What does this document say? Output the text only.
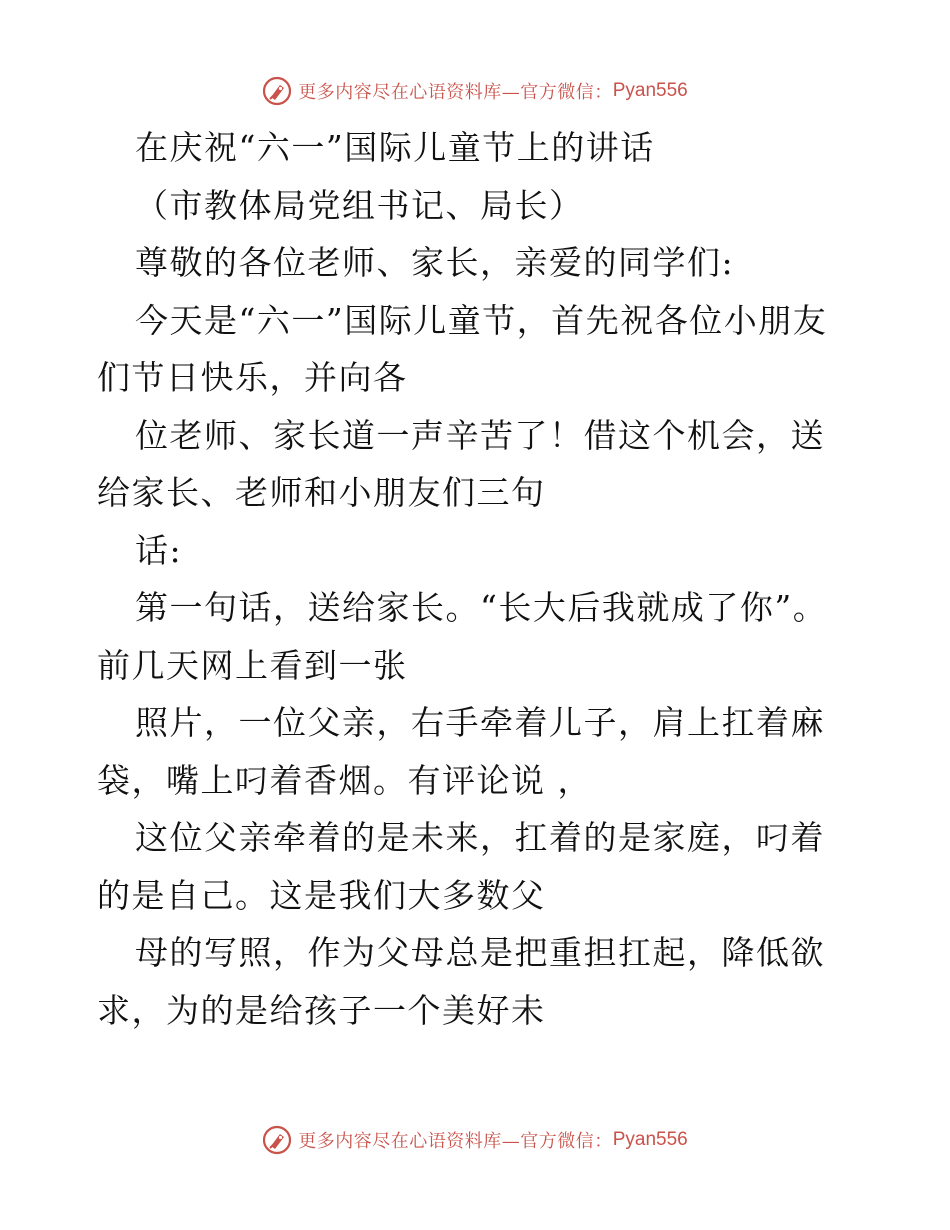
更多内容尽在心语资料库—官方微信： Pyan556

在庆祝“六一”国际儿童节上的讲话

（市教体局党组书记、局长）

尊敬的各位老师、家长，亲爱的同学们:

今天是“六一”国际儿童节，首先祝各位小朋友们节日快乐，并向各

位老师、家长道一声辛苦了！借这个机会，送给家长、老师和小朋友们三句

话:

第一句话，送给家长。“长大后我就成了你”。前几天网上看到一张

照片，一位父亲，右手牵着儿子，肩上扛着麻袋，嘴上叼着香烟。有评论说 ，

这位父亲牵着的是未来，扛着的是家庭，叼着的是自己。这是我们大多数父

母的写照，作为父母总是把重担扛起，降低欲求，为的是给孩子一个美好未

更多内容尽在心语资料库—官方微信： Pyan556
